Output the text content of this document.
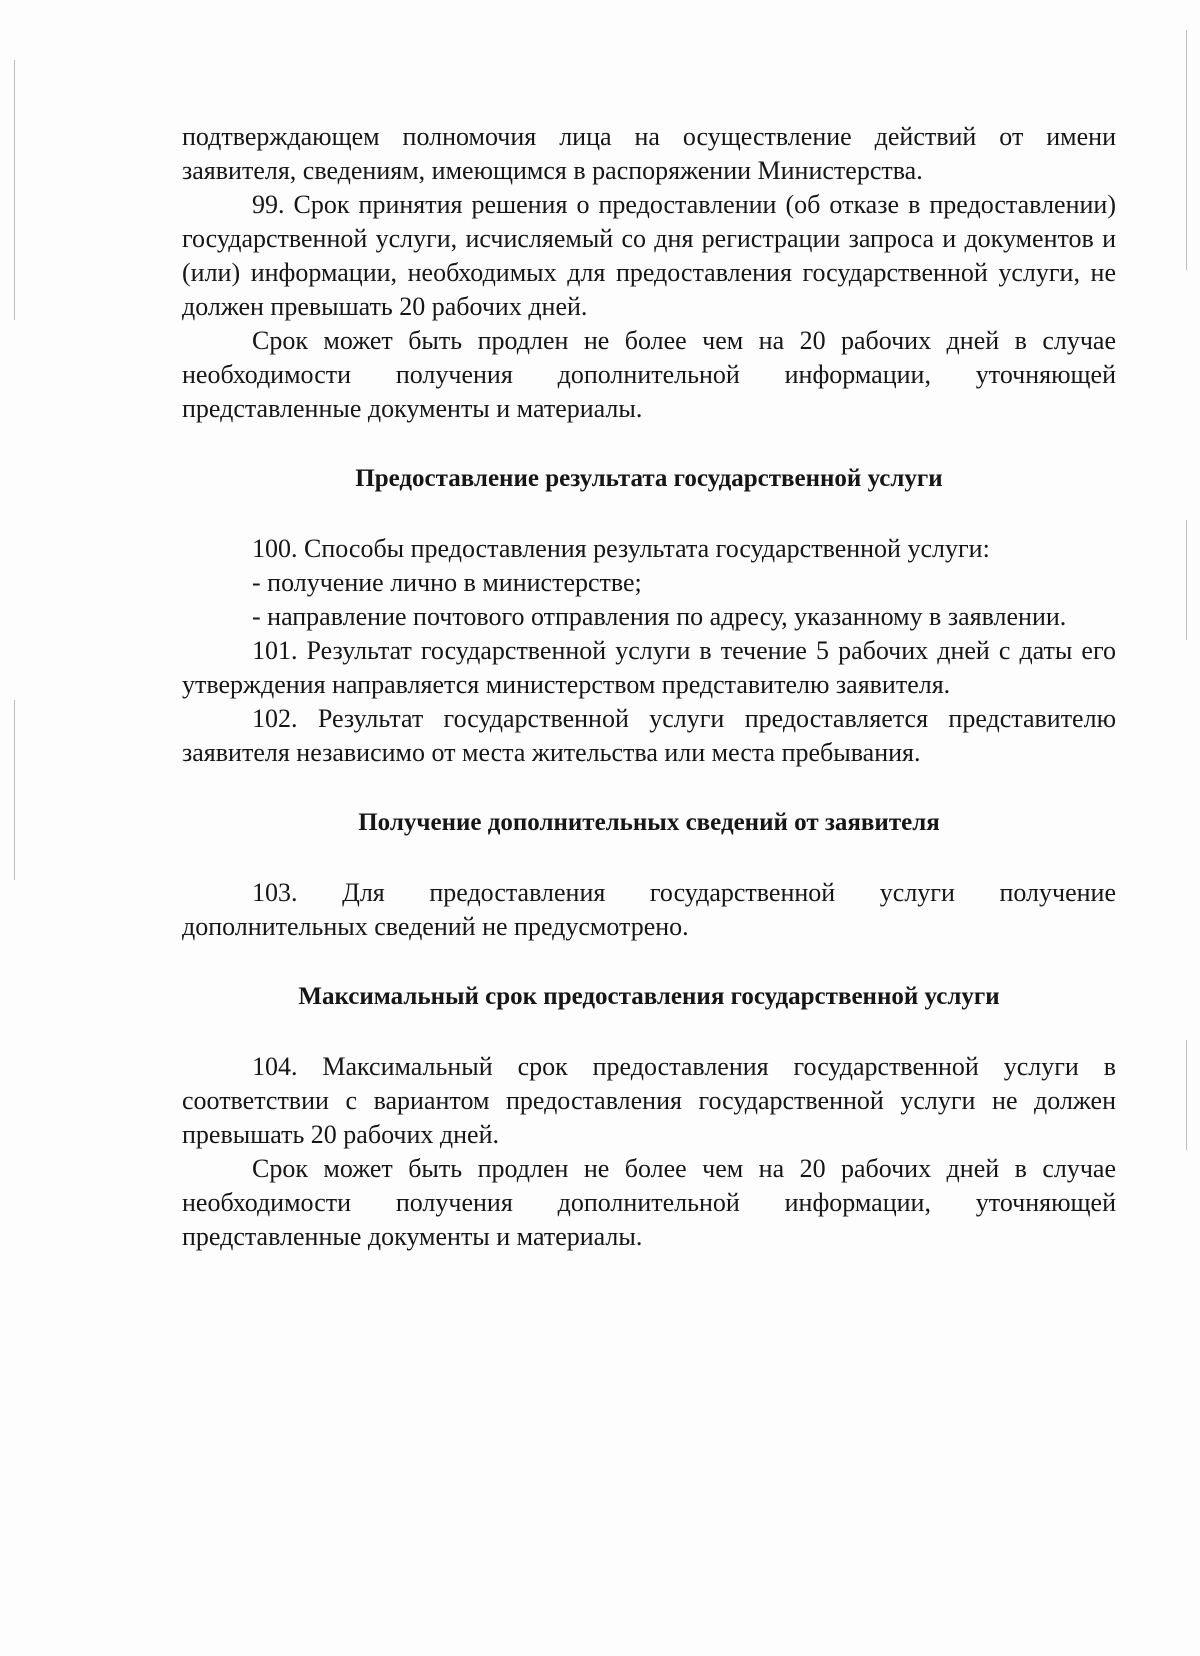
подтверждающем полномочия лица на осуществление действий от имени заявителя, сведениям, имеющимся в распоряжении Министерства.

99. Срок принятия решения о предоставлении (об отказе в предоставлении) государственной услуги, исчисляемый со дня регистрации запроса и документов и (или) информации, необходимых для предоставления государственной услуги, не должен превышать 20 рабочих дней.

Срок может быть продлен не более чем на 20 рабочих дней в случае необходимости получения дополнительной информации, уточняющей представленные документы и материалы.

Предоставление результата государственной услуги

100. Способы предоставления результата государственной услуги:

- получение лично в министерстве;

- направление почтового отправления по адресу, указанному в заявлении.

101. Результат государственной услуги в течение 5 рабочих дней с даты его утверждения направляется министерством представителю заявителя.

102. Результат государственной услуги предоставляется представителю заявителя независимо от места жительства или места пребывания.

Получение дополнительных сведений от заявителя

103. Для предоставления государственной услуги получение дополнительных сведений не предусмотрено.

Максимальный срок предоставления государственной услуги

104. Максимальный срок предоставления государственной услуги в соответствии с вариантом предоставления государственной услуги не должен превышать 20 рабочих дней.

Срок может быть продлен не более чем на 20 рабочих дней в случае необходимости получения дополнительной информации, уточняющей представленные документы и материалы.
